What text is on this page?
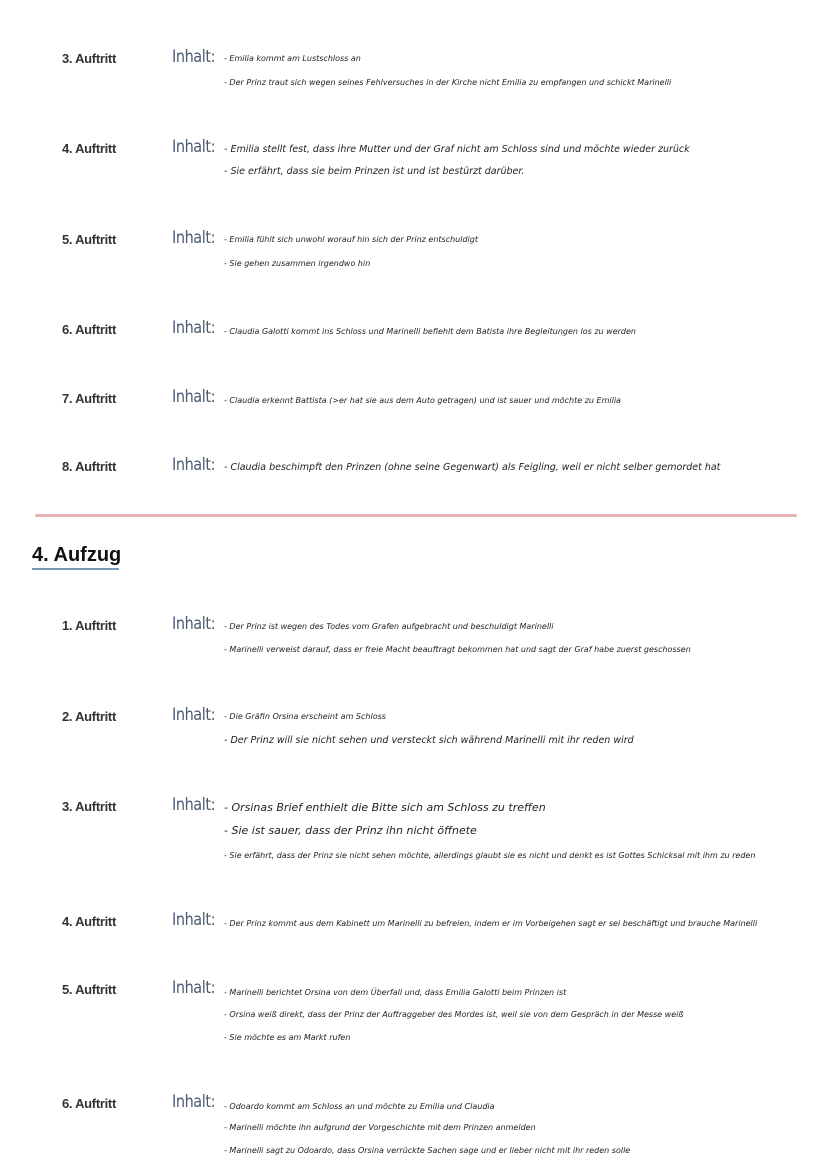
3. Auftritt	Inhalt: - Emilia kommt am Lustschloss an
- Der Prinz traut sich wegen seines Fehlversuches in der Kirche nicht Emilia zu empfangen und schickt Marinelli
4. Auftritt	Inhalt: - Emilia stellt fest, dass ihre Mutter und der Graf nicht am Schloss sind und möchte wieder zurück
- Sie erfährt, dass sie beim Prinzen ist und ist bestürzt darüber.
5. Auftritt	Inhalt: - Emilia fühlt sich unwohl worauf hin sich der Prinz entschuldigt
- Sie gehen zusammen irgendwo hin
6. Auftritt	Inhalt: - Claudia Galotti kommt ins Schloss und Marinelli befiehlt dem Batista ihre Begleitungen los zu werden
7. Auftritt	Inhalt: - Claudia erkennt Battista (>er hat sie aus dem Auto getragen) und ist sauer und möchte zu Emilia
8. Auftritt	Inhalt: - Claudia beschimpft den Prinzen (ohne seine Gegenwart) als Feigling, weil er nicht selber gemordet hat
4. Aufzug
1. Auftritt	Inhalt: - Der Prinz ist wegen des Todes vom Grafen aufgebracht und beschuldigt Marinelli
- Marinelli verweist darauf, dass er freie Macht beauftragt bekommen hat und sagt der Graf habe zuerst geschossen
2. Auftritt	Inhalt: - Die Gräfin Orsina erscheint am Schloss
- Der Prinz will sie nicht sehen und versteckt sich während Marinelli mit ihr reden wird
3. Auftritt	Inhalt: - Orsinas Brief enthielt die Bitte sich am Schloss zu treffen
- Sie ist sauer, dass der Prinz ihn nicht öffnete
- Sie erfährt, dass der Prinz sie nicht sehen möchte, allerdings glaubt sie es nicht und denkt es ist Gottes Schicksal mit ihm zu reden
4. Auftritt	Inhalt: - Der Prinz kommt aus dem Kabinett um Marinelli zu befreien, indem er im Vorbeigehen sagt er sei beschäftigt und brauche Marinelli
5. Auftritt	Inhalt: - Marinelli berichtet Orsina von dem Überfall und, dass Emilia Galotti beim Prinzen ist
- Orsina weiß direkt, dass der Prinz der Auftraggeber des Mordes ist, weil sie von dem Gespräch in der Messe weiß
- Sie möchte es am Markt rufen
6. Auftritt	Inhalt: - Odoardo kommt am Schloss an und möchte zu Emilia und Claudia
- Marinelli möchte ihn aufgrund der Vorgeschichte mit dem Prinzen anmelden
- Marinelli sagt zu Odoardo, dass Orsina verrückte Sachen sage und er lieber nicht mit ihr reden solle
